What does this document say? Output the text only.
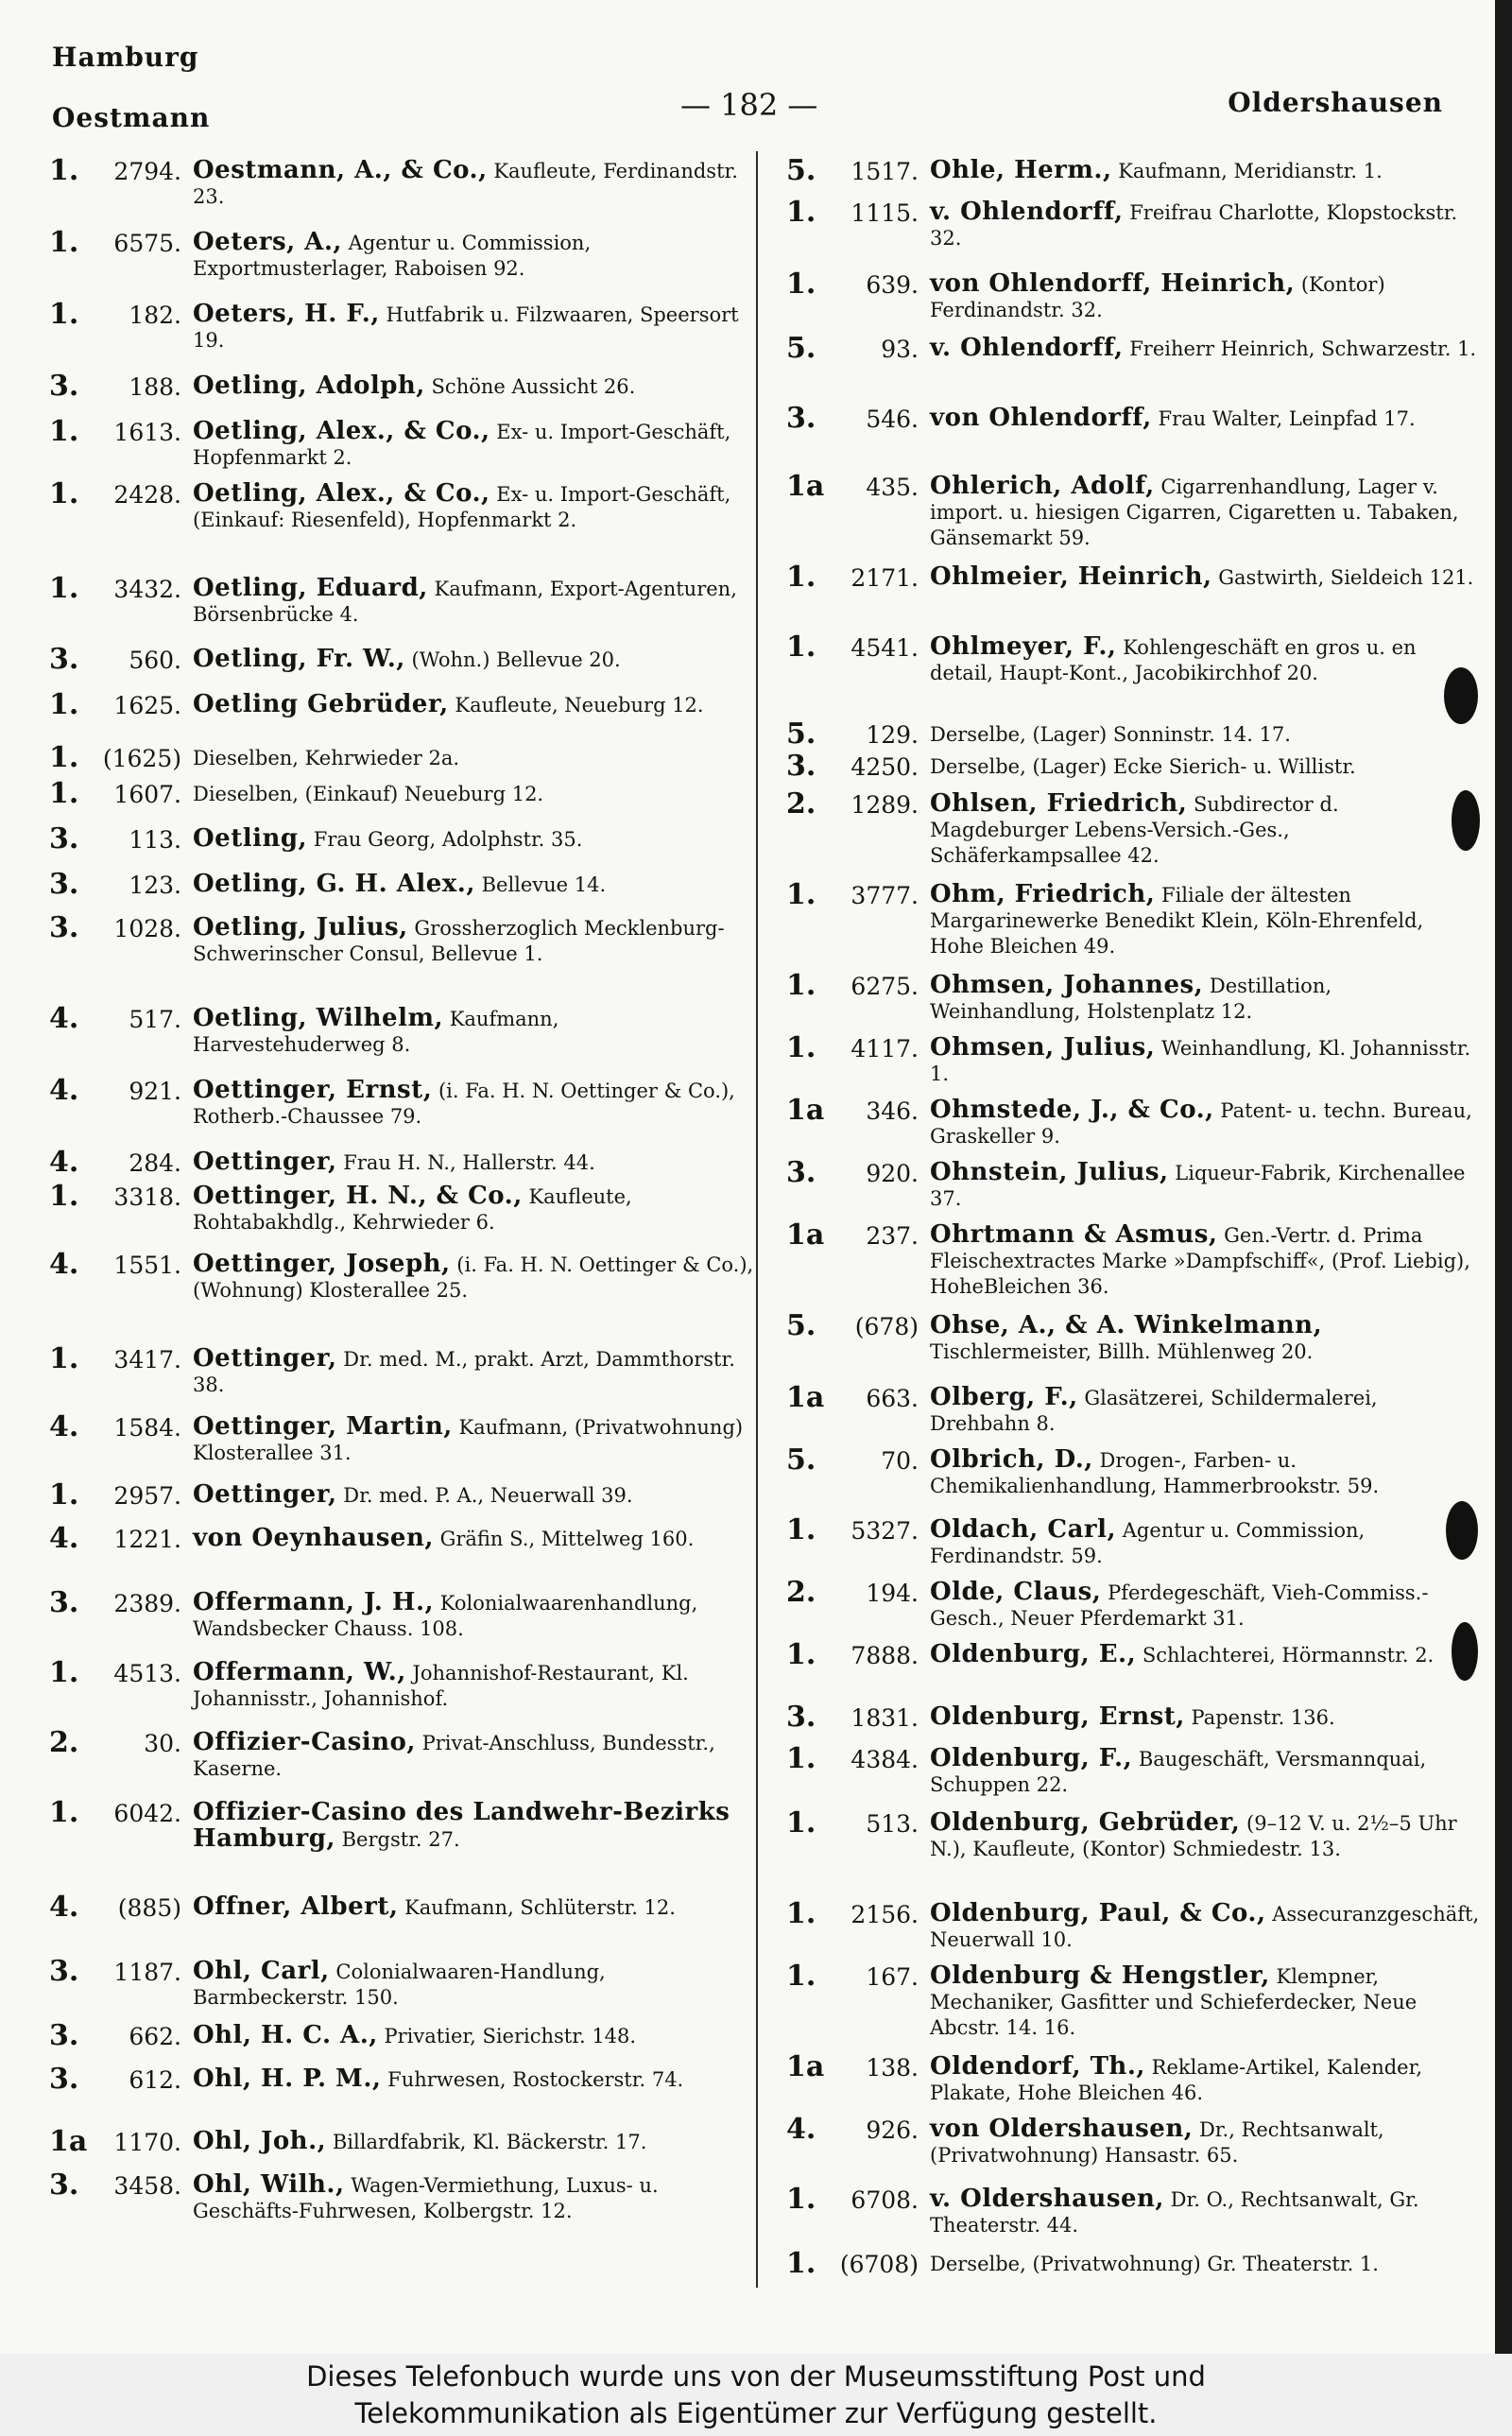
Hamburg
Oestmann	— 182 —	Oldershausen
1.	2794. Oestmann, A., & Co., Kaufleute, Ferdinandstr. 23.
1.	6575. Oeters, A., Agentur u. Commission, Exportmusterlager, Raboisen 92.
1.	182. Oeters, H. F., Hutfabrik u. Filzwaaren, Speersort 19.
3.	188. Oetling, Adolph, Schöne Aussicht 26.
1.	1613. Oetling, Alex., & Co., Ex- u. Import-Geschäft, Hopfenmarkt 2.
1.	2428. Oetling, Alex., & Co., Ex- u. Import-Geschäft, (Einkauf: Riesenfeld), Hopfenmarkt 2.
1.	3432. Oetling, Eduard, Kaufmann, Export-Agenturen, Börsenbrücke 4.
3.	560. Oetling, Fr. W., (Wohn.) Bellevue 20.
1.	1625. Oetling Gebrüder, Kaufleute, Neueburg 12.
1.	(1625) Dieselben, Kehrwieder 2a.
1.	1607. Dieselben, (Einkauf) Neueburg 12.
3.	113. Oetling, Frau Georg, Adolphstr. 35.
3.	123. Oetling, G. H. Alex., Bellevue 14.
3.	1028. Oetling, Julius, Grossherzoglich Mecklenburg-Schwerinscher Consul, Bellevue 1.
4.	517. Oetling, Wilhelm, Kaufmann, Harvestehuderweg 8.
4.	921. Oettinger, Ernst, (i. Fa. H. N. Oettinger & Co.), Rotherb.-Chaussee 79.
4.	284. Oettinger, Frau H. N., Hallerstr. 44.
1.	3318. Oettinger, H. N., & Co., Kaufleute, Rohtabakhdlg., Kehrwieder 6.
4.	1551. Oettinger, Joseph, (i. Fa. H. N. Oettinger & Co.), (Wohnung) Klosterallee 25.
1.	3417. Oettinger, Dr. med. M., prakt. Arzt, Dammthorstr. 38.
4.	1584. Oettinger, Martin, Kaufmann, (Privatwohnung) Klosterallee 31.
1.	2957. Oettinger, Dr. med. P. A., Neuerwall 39.
4.	1221. von Oeynhausen, Gräfin S., Mittelweg 160.
3.	2389. Offermann, J. H., Kolonialwaarenhandlung, Wandsbecker Chauss. 108.
1.	4513. Offermann, W., Johannishof-Restaurant, Kl. Johannisstr., Johannishof.
2.	30. Offizier-Casino, Privat-Anschluss, Bundesstr., Kaserne.
1.	6042. Offizier-Casino des Landwehr-Bezirks Hamburg, Bergstr. 27.
4.	(885) Offner, Albert, Kaufmann, Schlüterstr. 12.
3.	1187. Ohl, Carl, Colonialwaaren-Handlung, Barmbeckerstr. 150.
3.	662. Ohl, H. C. A., Privatier, Sierichstr. 148.
3.	612. Ohl, H. P. M., Fuhrwesen, Rostockerstr. 74.
1a	1170. Ohl, Joh., Billardfabrik, Kl. Bäckerstr. 17.
3.	3458. Ohl, Wilh., Wagen-Vermiethung, Luxus- u. Geschäfts-Fuhrwesen, Kolbergstr. 12.
5.	1517. Ohle, Herm., Kaufmann, Meridianstr. 1.
1.	1115. v. Ohlendorff, Freifrau Charlotte, Klopstockstr. 32.
1.	639. von Ohlendorff, Heinrich, (Kontor) Ferdinandstr. 32.
5.	93. v. Ohlendorff, Freiherr Heinrich, Schwarzestr. 1.
3.	546. von Ohlendorff, Frau Walter, Leinpfad 17.
1a	435. Ohlerich, Adolf, Cigarrenhandlung, Lager v. import. u. hiesigen Cigarren, Cigaretten u. Tabaken, Gänsemarkt 59.
1.	2171. Ohlmeier, Heinrich, Gastwirth, Sieldeich 121.
1.	4541. Ohlmeyer, F., Kohlengeschäft en gros u. en detail, Haupt-Kont., Jacobikirchhof 20.
5.	129. Derselbe, (Lager) Sonninstr. 14. 17.
3.	4250. Derselbe, (Lager) Ecke Sierich- u. Willistr.
2.	1289. Ohlsen, Friedrich, Subdirector d. Magdeburger Lebens-Versich.-Ges., Schäferkampsallee 42.
1.	3777. Ohm, Friedrich, Filiale der ältesten Margarinewerke Benedikt Klein, Köln-Ehrenfeld, Hohe Bleichen 49.
1.	6275. Ohmsen, Johannes, Destillation, Weinhandlung, Holstenplatz 12.
1.	4117. Ohmsen, Julius, Weinhandlung, Kl. Johannisstr. 1.
1a	346. Ohmstede, J., & Co., Patent- u. techn. Bureau, Graskeller 9.
3.	920. Ohnstein, Julius, Liqueur-Fabrik, Kirchenallee 37.
1a	237. Ohrtmann & Asmus, Gen.-Vertr. d. Prima Fleischextractes Marke »Dampfschiff«, (Prof. Liebig), HoheBleichen 36.
5.	(678) Ohse, A., & A. Winkelmann, Tischlermeister, Billh. Mühlenweg 20.
1a	663. Olberg, F., Glasätzerei, Schildermalerei, Drehbahn 8.
5.	70. Olbrich, D., Drogen-, Farben- u. Chemikalienhandlung, Hammerbrookstr. 59.
1.	5327. Oldach, Carl, Agentur u. Commission, Ferdinandstr. 59.
2.	194. Olde, Claus, Pferdegeschäft, Vieh-Commiss.-Gesch., Neuer Pferdemarkt 31.
1.	7888. Oldenburg, E., Schlachterei, Hörmannstr. 2.
3.	1831. Oldenburg, Ernst, Papenstr. 136.
1.	4384. Oldenburg, F., Baugeschäft, Versmannquai, Schuppen 22.
1.	513. Oldenburg, Gebrüder, (9–12 V. u. 2½–5 Uhr N.), Kaufleute, (Kontor) Schmiedestr. 13.
1.	2156. Oldenburg, Paul, & Co., Assecuranzgeschäft, Neuerwall 10.
1.	167. Oldenburg & Hengstler, Klempner, Mechaniker, Gasfitter und Schieferdecker, Neue Abcstr. 14. 16.
1a	138. Oldendorf, Th., Reklame-Artikel, Kalender, Plakate, Hohe Bleichen 46.
4.	926. von Oldershausen, Dr., Rechtsanwalt, (Privatwohnung) Hansastr. 65.
1.	6708. v. Oldershausen, Dr. O., Rechtsanwalt, Gr. Theaterstr. 44.
1.	(6708) Derselbe, (Privatwohnung) Gr. Theaterstr. 1.
Dieses Telefonbuch wurde uns von der Museumsstiftung Post und
Telekommunikation als Eigentümer zur Verfügung gestellt.
